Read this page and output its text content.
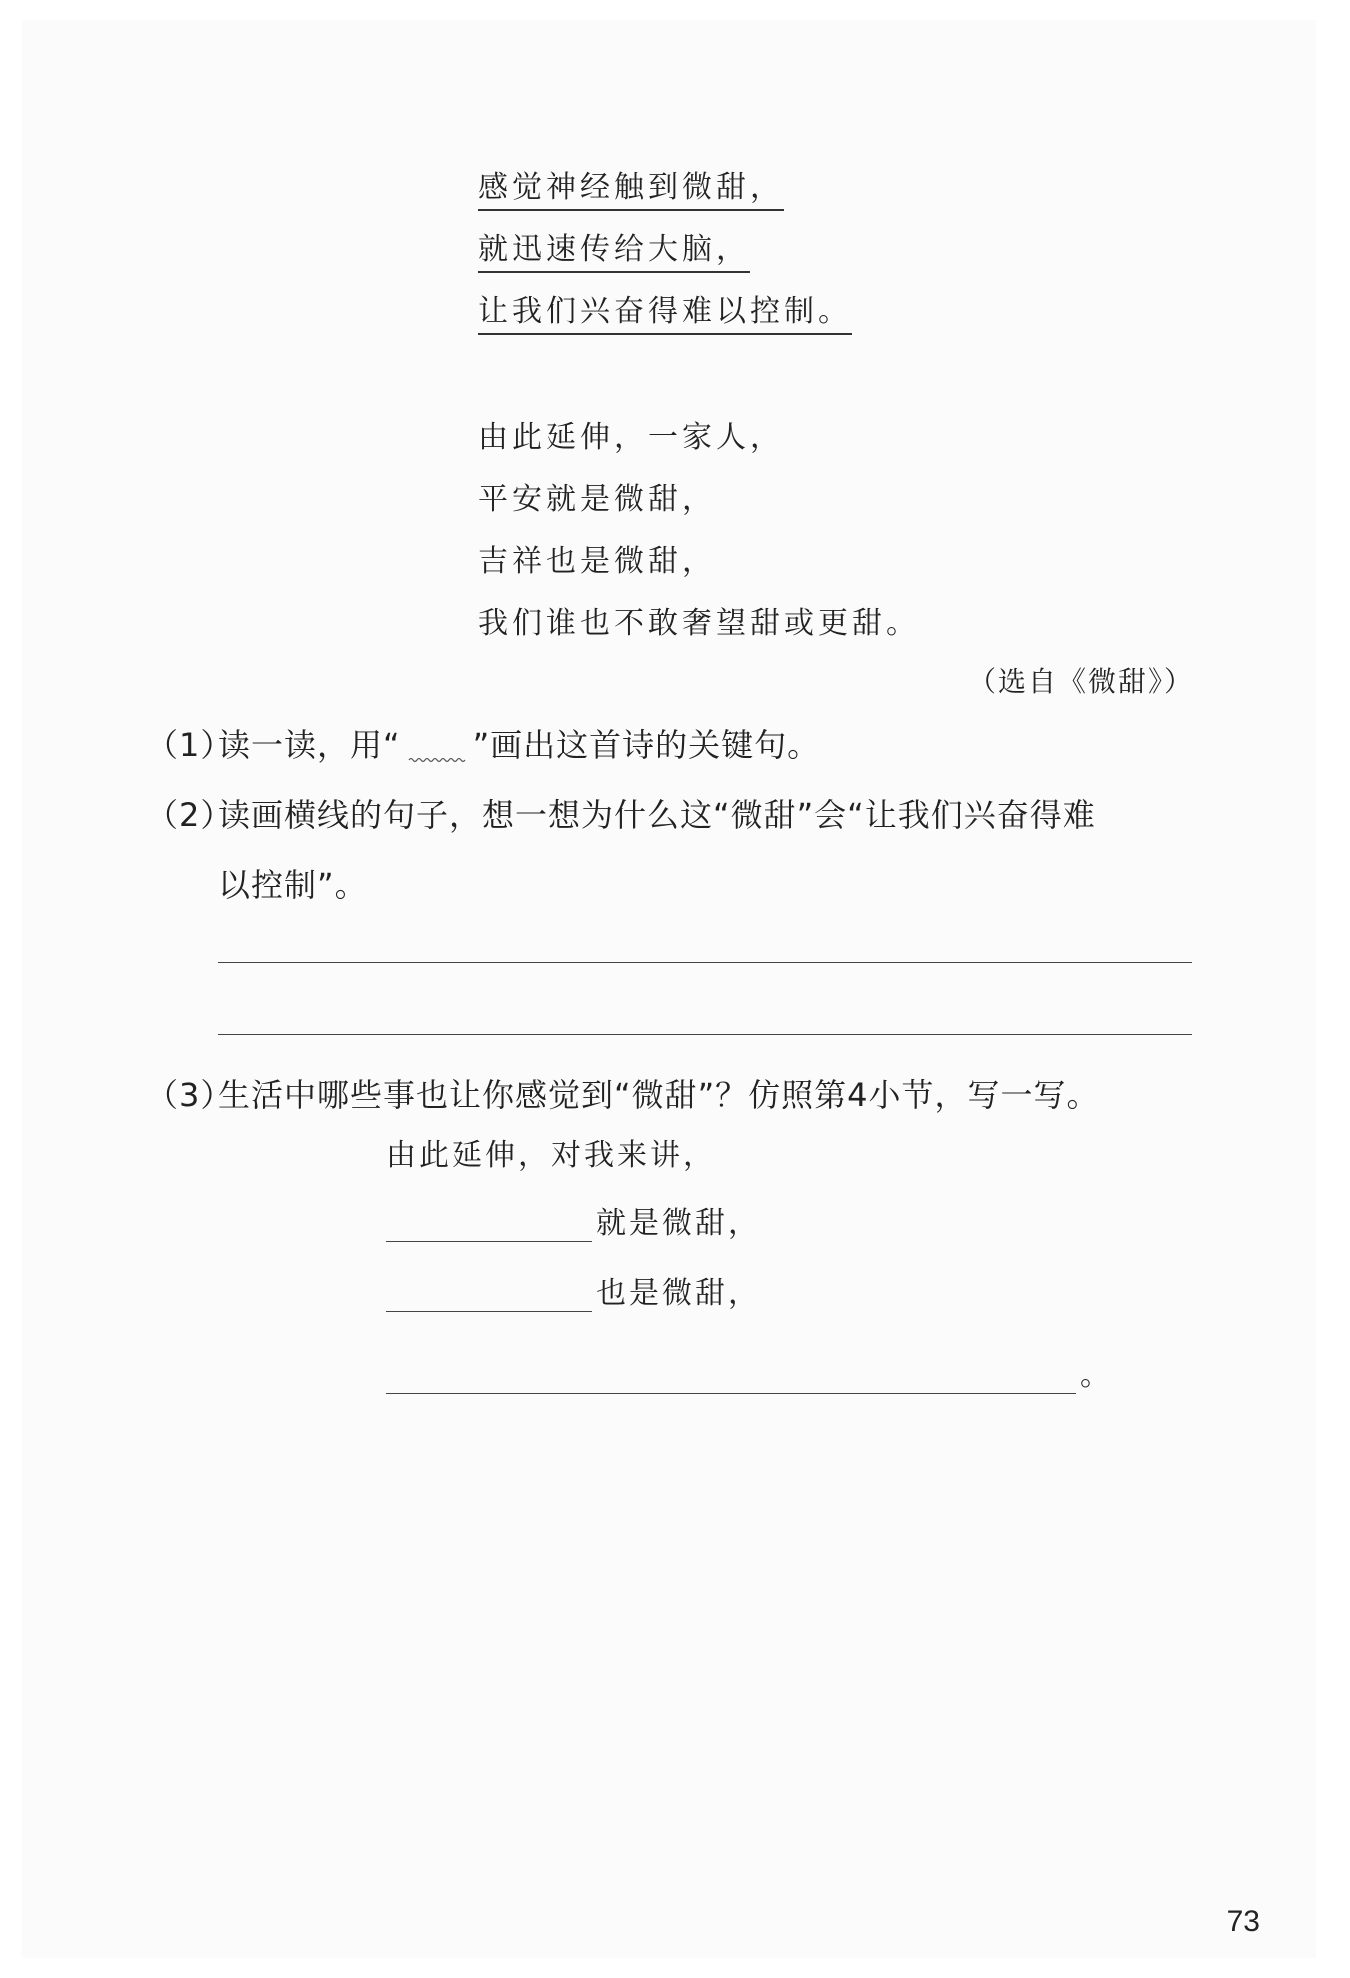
感觉神经触到微甜，
就迅速传给大脑，
让我们兴奋得难以控制。
由此延伸，一家人，
平安就是微甜，
吉祥也是微甜，
我们谁也不敢奢望甜或更甜。
（选自《微甜》）
（1）读一读，用“ ”画出这首诗的关键句。
（2）读画横线的句子，想一想为什么这“微甜”会“让我们兴奋得难
以控制”。
（3）生活中哪些事也让你感觉到“微甜”？仿照第4小节，写一写。
由此延伸，对我来讲，
就是微甜，
也是微甜，
。
73
